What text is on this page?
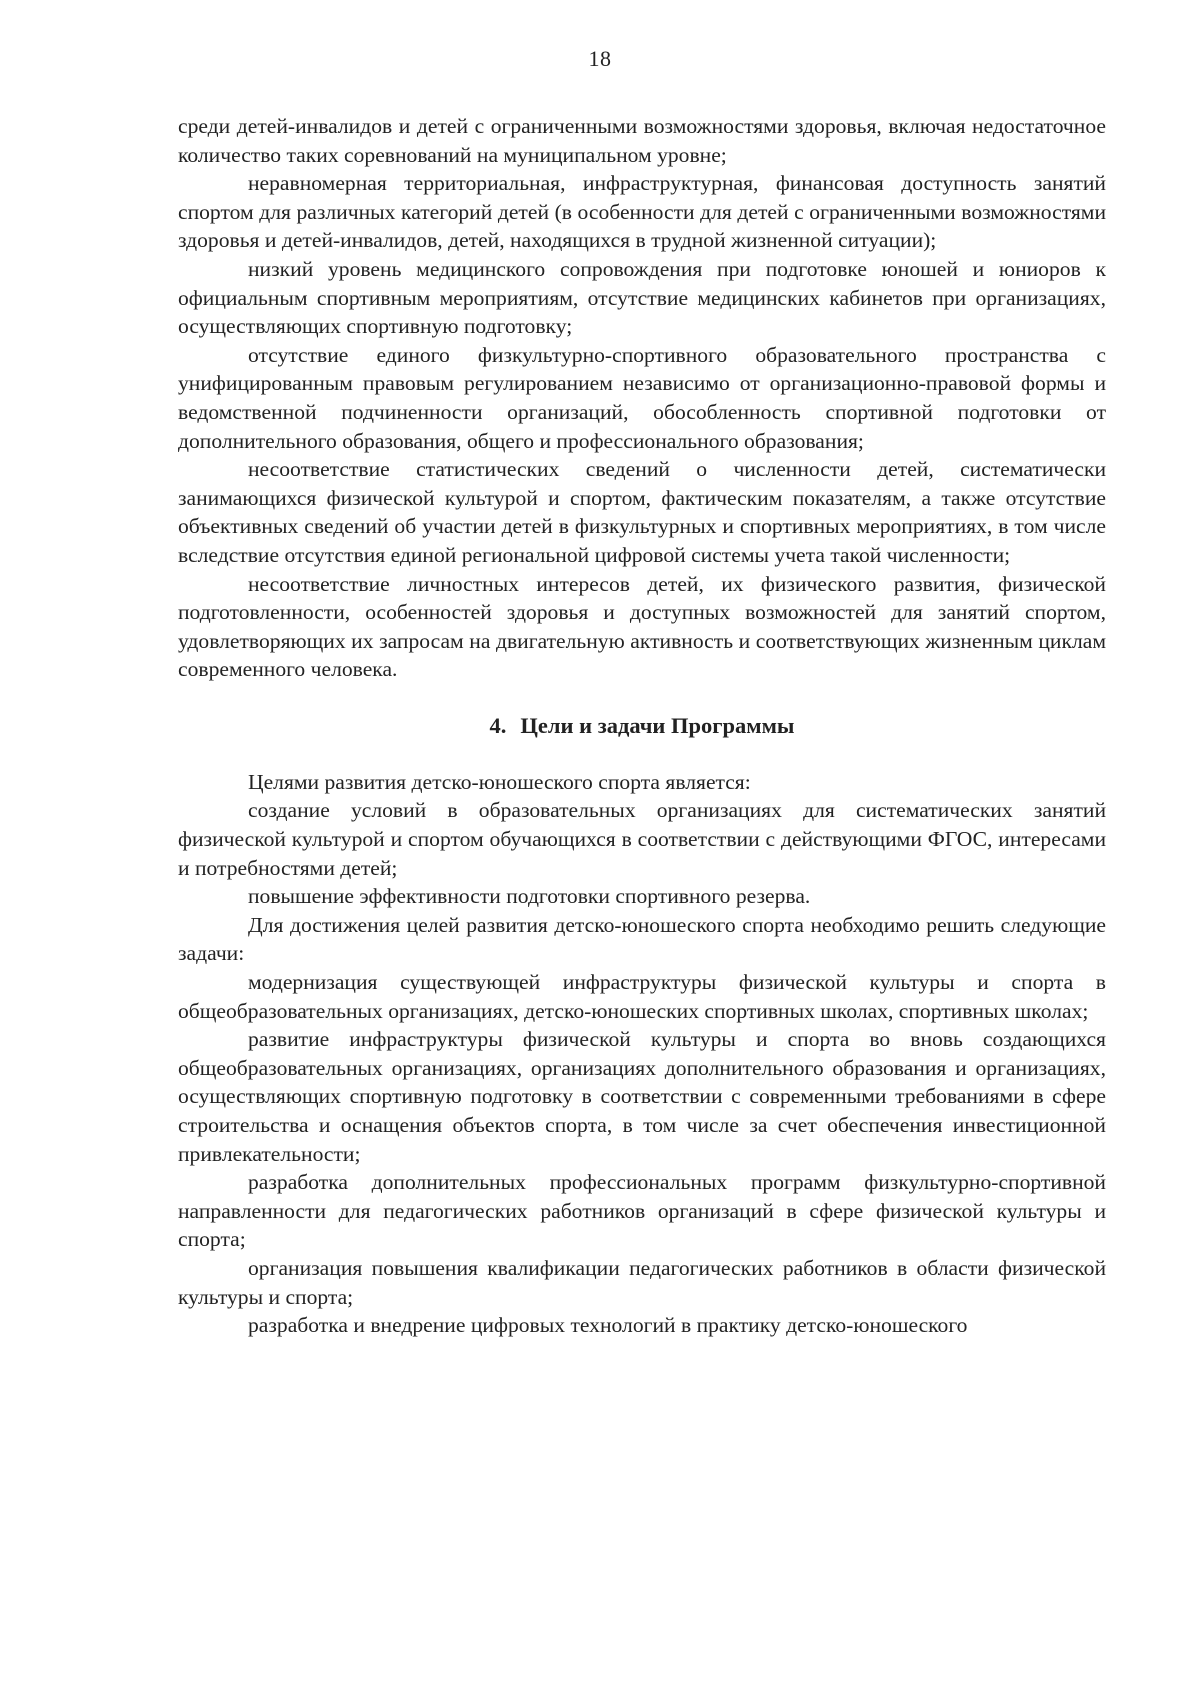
18

среди детей-инвалидов и детей с ограниченными возможностями здоровья, включая недостаточное количество таких соревнований на муниципальном уровне;

неравномерная территориальная, инфраструктурная, финансовая доступность занятий спортом для различных категорий детей (в особенности для детей с ограниченными возможностями здоровья и детей-инвалидов, детей, находящихся в трудной жизненной ситуации);

низкий уровень медицинского сопровождения при подготовке юношей и юниоров к официальным спортивным мероприятиям, отсутствие медицинских кабинетов при организациях, осуществляющих спортивную подготовку;

отсутствие единого физкультурно-спортивного образовательного пространства с унифицированным правовым регулированием независимо от организационно-правовой формы и ведомственной подчиненности организаций, обособленность спортивной подготовки от дополнительного образования, общего и профессионального образования;

несоответствие статистических сведений о численности детей, систематически занимающихся физической культурой и спортом, фактическим показателям, а также отсутствие объективных сведений об участии детей в физкультурных и спортивных мероприятиях, в том числе вследствие отсутствия единой региональной цифровой системы учета такой численности;

несоответствие личностных интересов детей, их физического развития, физической подготовленности, особенностей здоровья и доступных возможностей для занятий спортом, удовлетворяющих их запросам на двигательную активность и соответствующих жизненным циклам современного человека.

4. Цели и задачи Программы

Целями развития детско-юношеского спорта является:

создание условий в образовательных организациях для систематических занятий физической культурой и спортом обучающихся в соответствии с действующими ФГОС, интересами и потребностями детей;

повышение эффективности подготовки спортивного резерва.

Для достижения целей развития детско-юношеского спорта необходимо решить следующие задачи:

модернизация существующей инфраструктуры физической культуры и спорта в общеобразовательных организациях, детско-юношеских спортивных школах, спортивных школах;

развитие инфраструктуры физической культуры и спорта во вновь создающихся общеобразовательных организациях, организациях дополнительного образования и организациях, осуществляющих спортивную подготовку в соответствии с современными требованиями в сфере строительства и оснащения объектов спорта, в том числе за счет обеспечения инвестиционной привлекательности;

разработка дополнительных профессиональных программ физкультурно-спортивной направленности для педагогических работников организаций в сфере физической культуры и спорта;

организация повышения квалификации педагогических работников в области физической культуры и спорта;

разработка и внедрение цифровых технологий в практику детско-юношеского
